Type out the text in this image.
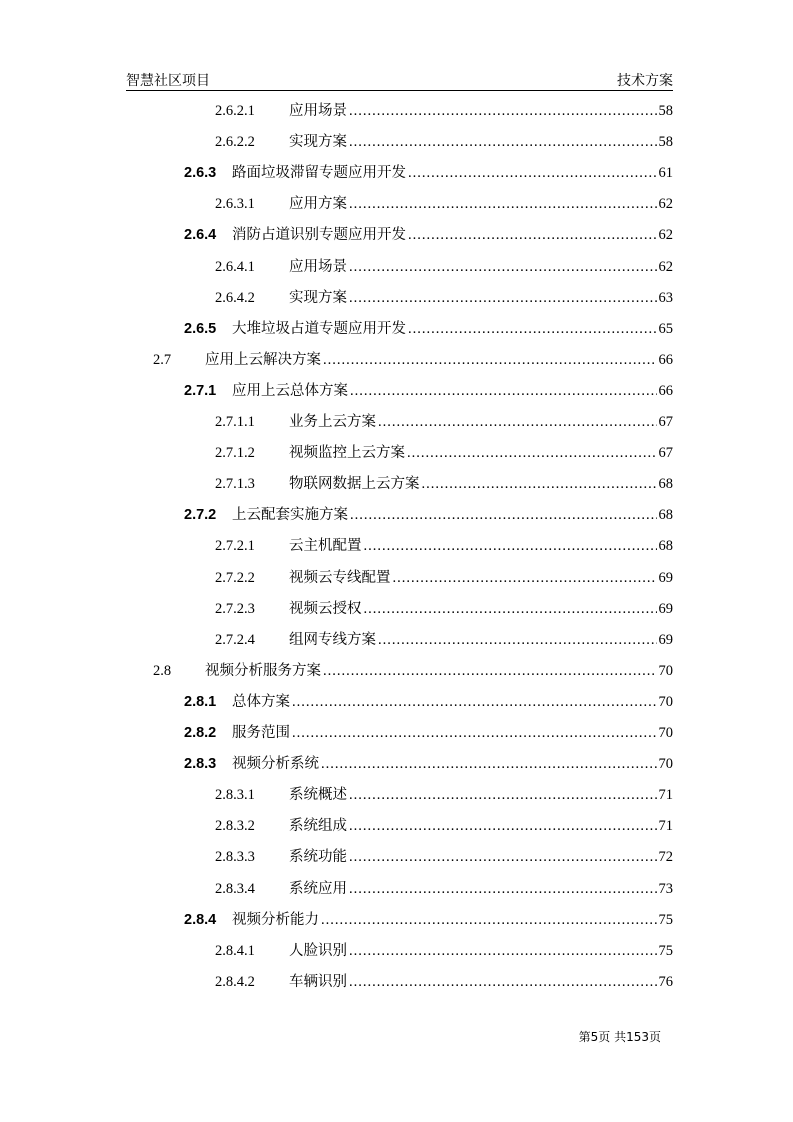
智慧社区项目	技术方案
2.6.2.1 应用场景 .....	58
2.6.2.2 实现方案 .....	58
2.6.3 路面垃圾滞留专题应用开发 .....	61
2.6.3.1 应用方案 .....	62
2.6.4 消防占道识别专题应用开发 .....	62
2.6.4.1 应用场景 .....	62
2.6.4.2 实现方案 .....	63
2.6.5 大堆垃圾占道专题应用开发 .....	65
2.7 应用上云解决方案 .....	66
2.7.1 应用上云总体方案 .....	66
2.7.1.1 业务上云方案 .....	67
2.7.1.2 视频监控上云方案 .....	67
2.7.1.3 物联网数据上云方案 .....	68
2.7.2 上云配套实施方案 .....	68
2.7.2.1 云主机配置 .....	68
2.7.2.2 视频云专线配置 .....	69
2.7.2.3 视频云授权 .....	69
2.7.2.4 组网专线方案 .....	69
2.8 视频分析服务方案 .....	70
2.8.1 总体方案 .....	70
2.8.2 服务范围 .....	70
2.8.3 视频分析系统 .....	70
2.8.3.1 系统概述 .....	71
2.8.3.2 系统组成 .....	71
2.8.3.3 系统功能 .....	72
2.8.3.4 系统应用 .....	73
2.8.4 视频分析能力 .....	75
2.8.4.1 人脸识别 .....	75
2.8.4.2 车辆识别 .....	76
第5页 共153页
